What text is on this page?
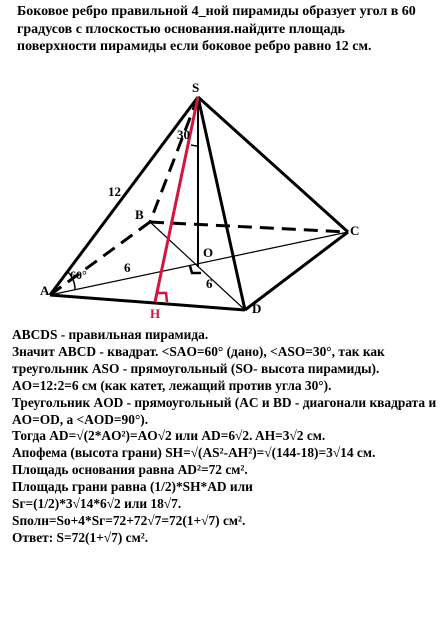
Боковое ребро правильной 4_ной пирамиды образует угол в 60 градусов с плоскостью основания.найдите площадь поверхности пирамиды если боковое ребро равно 12 см.
S
A
B
C
D
O
H
12
6
6
30
60°
ABCDS - правильная пирамида.
Значит ABCD - квадрат. <SAO=60° (дано), <ASO=30°, так как треугольник ASO - прямоугольный (SO- высота пирамиды).
AO=12:2=6 см (как катет, лежащий против угла 30°).
Треугольник AOD - прямоугольный (AC и BD - диагонали квадрата и AO=OD, а <AOD=90°).
Тогда AD=√(2*AO²)=AO√2 или AD=6√2. AH=3√2 см.
Апофема (высота грани) SH=√(AS²-AH²)=√(144-18)=3√14 см.
Площадь основания равна AD²=72 см².
Площадь грани равна (1/2)*SH*AD или
Sг=(1/2)*3√14*6√2 или 18√7.
Sполн=So+4*Sг=72+72√7=72(1+√7) см².
Ответ: S=72(1+√7) см².
